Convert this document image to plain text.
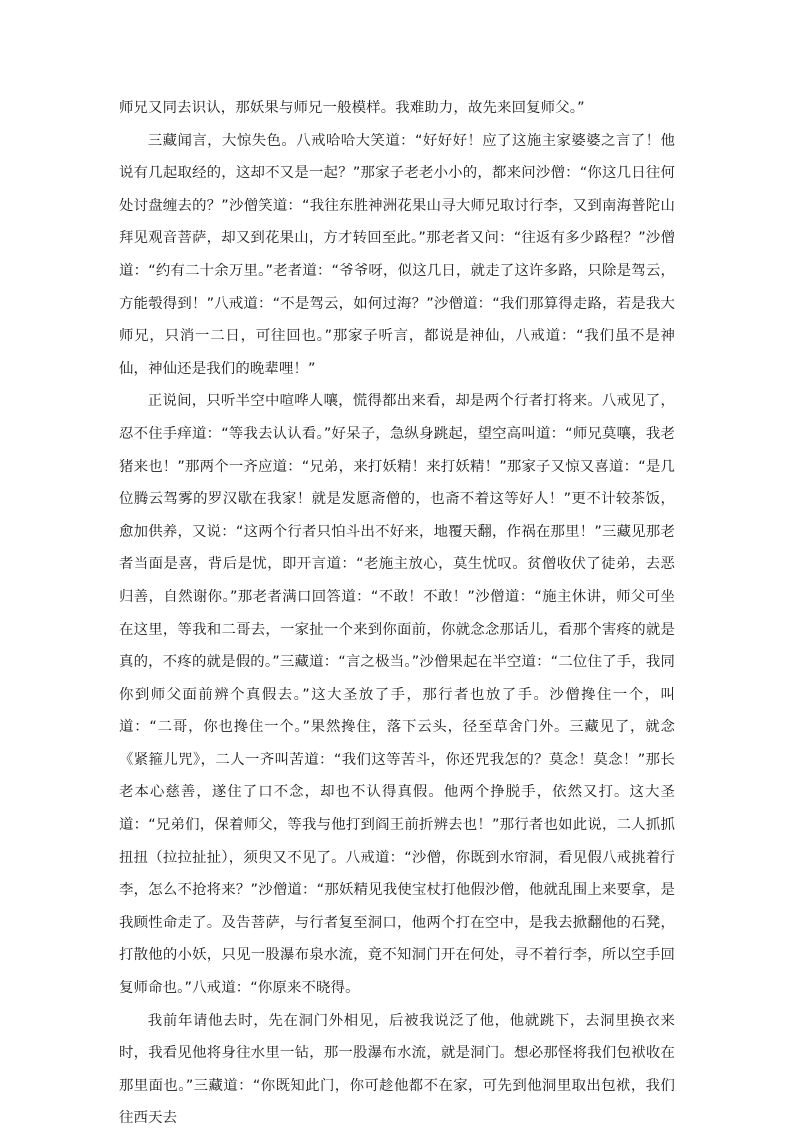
师兄又同去识认，那妖果与师兄一般模样。我难助力，故先来回复师父。”

三藏闻言，大惊失色。八戒哈哈大笑道：“好好好！应了这施主家婆婆之言了！他说有几起取经的，这却不又是一起？”那家子老老小小的，都来问沙僧：“你这几日往何处讨盘缠去的？”沙僧笑道：“我往东胜神洲花果山寻大师兄取讨行李，又到南海普陀山拜见观音菩萨，却又到花果山，方才转回至此。”那老者又问：“往返有多少路程？”沙僧道：“约有二十余万里。”老者道：“爷爷呀，似这几日，就走了这许多路，只除是驾云，方能彀得到！”八戒道：“不是驾云，如何过海？”沙僧道：“我们那算得走路，若是我大师兄，只消一二日，可往回也。”那家子听言，都说是神仙，八戒道：“我们虽不是神仙，神仙还是我们的晚辈哩！”

正说间，只听半空中喧哗人嚷，慌得都出来看，却是两个行者打将来。八戒见了，忍不住手痒道：“等我去认认看。”好呆子，急纵身跳起，望空高叫道：“师兄莫嚷，我老猪来也！”那两个一齐应道：“兄弟，来打妖精！来打妖精！”那家子又惊又喜道：“是几位腾云驾雾的罗汉歇在我家！就是发愿斋僧的，也斋不着这等好人！”更不计较茶饭，愈加供养，又说：“这两个行者只怕斗出不好来，地覆天翻，作祸在那里！”三藏见那老者当面是喜，背后是忧，即开言道：“老施主放心，莫生忧叹。贫僧收伏了徒弟，去恶归善，自然谢你。”那老者满口回答道：“不敢！不敢！”沙僧道：“施主休讲，师父可坐在这里，等我和二哥去，一家扯一个来到你面前，你就念念那话儿，看那个害疼的就是真的，不疼的就是假的。”三藏道：“言之极当。”沙僧果起在半空道：“二位住了手，我同你到师父面前辨个真假去。”这大圣放了手，那行者也放了手。沙僧搀住一个，叫道：“二哥，你也搀住一个。”果然搀住，落下云头，径至草舍门外。三藏见了，就念《紧箍儿咒》，二人一齐叫苦道：“我们这等苦斗，你还咒我怎的？莫念！莫念！”那长老本心慈善，遂住了口不念，却也不认得真假。他两个挣脱手，依然又打。这大圣道：“兄弟们，保着师父，等我与他打到阎王前折辨去也！”那行者也如此说，二人抓抓扭扭（拉拉扯扯），须臾又不见了。八戒道：“沙僧，你既到水帘洞，看见假八戒挑着行李，怎么不抢将来？”沙僧道：“那妖精见我使宝杖打他假沙僧，他就乱围上来要拿，是我顾性命走了。及告菩萨，与行者复至洞口，他两个打在空中，是我去掀翻他的石凳，打散他的小妖，只见一股瀑布泉水流，竟不知洞门开在何处，寻不着行李，所以空手回复师命也。”八戒道：“你原来不晓得。

我前年请他去时，先在洞门外相见，后被我说泛了他，他就跳下，去洞里换衣来时，我看见他将身往水里一钻，那一股瀑布水流，就是洞门。想必那怪将我们包袱收在那里面也。”三藏道：“你既知此门，你可趁他都不在家，可先到他洞里取出包袱，我们往西天去
